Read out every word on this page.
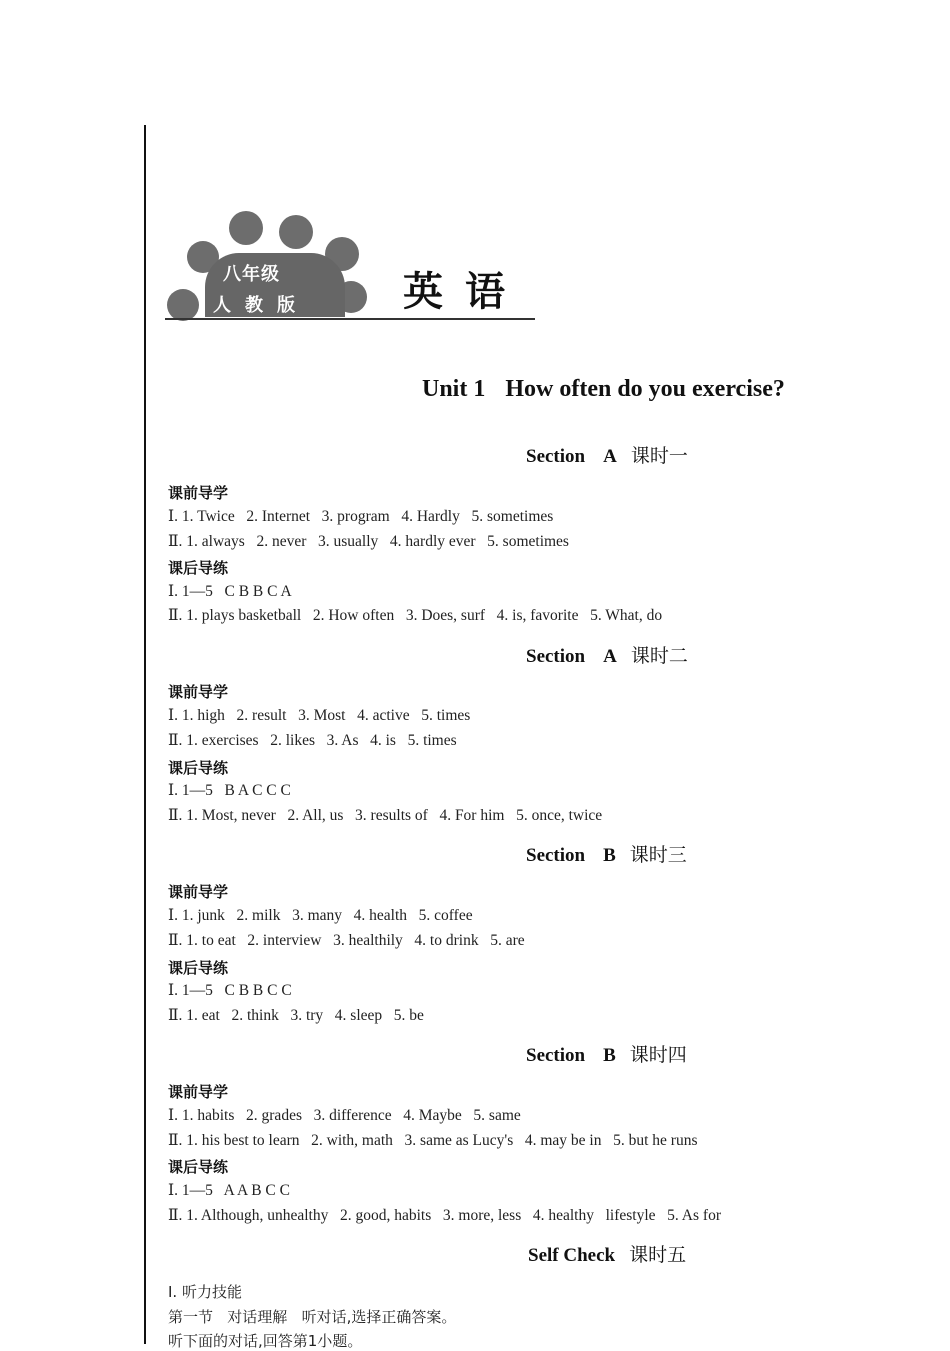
八年级
人教版 英语
Unit 1 How often do you exercise?
Section A 课时一
课前导学
Ⅰ. 1. Twice   2. Internet   3. program   4. Hardly   5. sometimes
Ⅱ. 1. always   2. never   3. usually   4. hardly ever   5. sometimes
课后导练
Ⅰ. 1—5   C B B C A
Ⅱ. 1. plays basketball   2. How often   3. Does, surf   4. is, favorite   5. What, do
Section A 课时二
课前导学
Ⅰ. 1. high   2. result   3. Most   4. active   5. times
Ⅱ. 1. exercises   2. likes   3. As   4. is   5. times
课后导练
Ⅰ. 1—5   B A C C C
Ⅱ. 1. Most, never   2. All, us   3. results of   4. For him   5. once, twice
Section B 课时三
课前导学
Ⅰ. 1. junk   2. milk   3. many   4. health   5. coffee
Ⅱ. 1. to eat   2. interview   3. healthily   4. to drink   5. are
课后导练
Ⅰ. 1—5   C B B C C
Ⅱ. 1. eat   2. think   3. try   4. sleep   5. be
Section B 课时四
课前导学
Ⅰ. 1. habits   2. grades   3. difference   4. Maybe   5. same
Ⅱ. 1. his best to learn   2. with, math   3. same as Lucy's   4. may be in   5. but he runs
课后导练
Ⅰ. 1—5   A A B C C
Ⅱ. 1. Although, unhealthy   2. good, habits   3. more, less   4. healthy   lifestyle   5. As for
Self Check 课时五
Ⅰ. 听力技能
第一节   对话理解   听对话,选择正确答案。
听下面的对话,回答第1小题。
